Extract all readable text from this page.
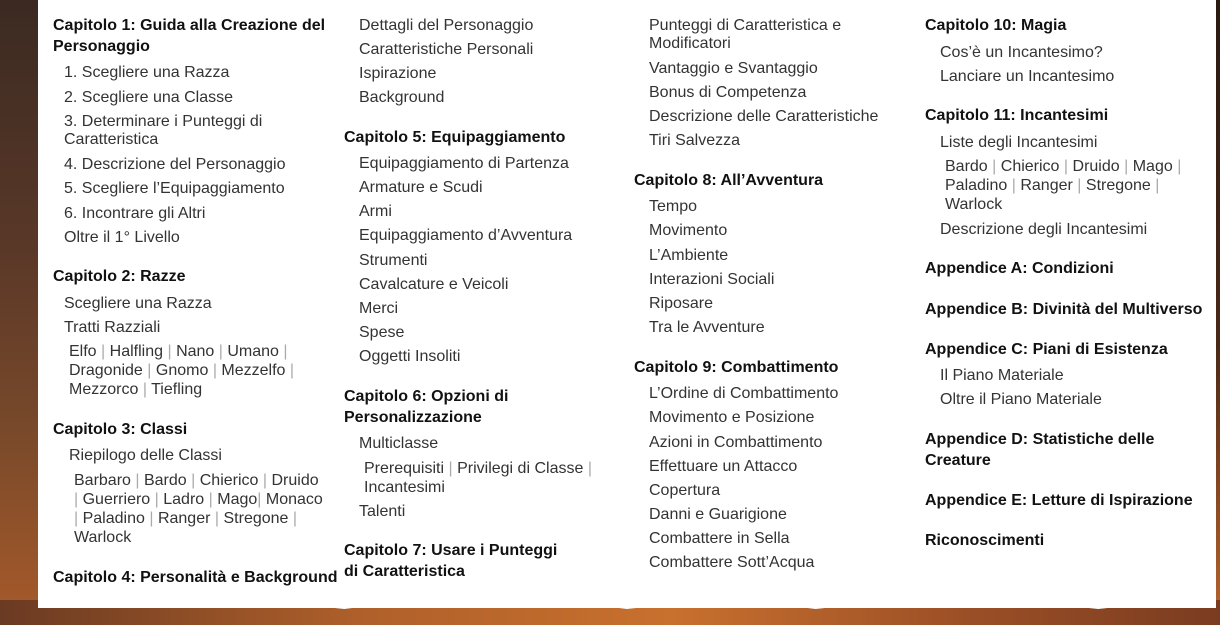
Capitolo 1: Guida alla Creazione del Personaggio
1. Scegliere una Razza
2. Scegliere una Classe
3. Determinare i Punteggi di Caratteristica
4. Descrizione del Personaggio
5. Scegliere l’Equipaggiamento
6. Incontrare gli Altri
Oltre il 1° Livello
Capitolo 2: Razze
Scegliere una Razza
Tratti Razziali
Elfo | Halfling | Nano | Umano | Dragonide | Gnomo | Mezzelfo | Mezzorco | Tiefling
Capitolo 3: Classi
Riepilogo delle Classi
Barbaro | Bardo | Chierico | Druido | Guerriero | Ladro | Mago| Monaco | Paladino | Ranger | Stregone | Warlock
Capitolo 4: Personalità e Background
Dettagli del Personaggio
Caratteristiche Personali
Ispirazione
Background
Capitolo 5: Equipaggiamento
Equipaggiamento di Partenza
Armature e Scudi
Armi
Equipaggiamento d’Avventura
Strumenti
Cavalcature e Veicoli
Merci
Spese
Oggetti Insoliti
Capitolo 6: Opzioni di Personalizzazione
Multiclasse
Prerequisiti | Privilegi di Classe | Incantesimi
Talenti
Capitolo 7: Usare i Punteggi di Caratteristica
Punteggi di Caratteristica e Modificatori
Vantaggio e Svantaggio
Bonus di Competenza
Descrizione delle Caratteristiche
Tiri Salvezza
Capitolo 8: All’Avventura
Tempo
Movimento
L’Ambiente
Interazioni Sociali
Riposare
Tra le Avventure
Capitolo 9: Combattimento
L’Ordine di Combattimento
Movimento e Posizione
Azioni in Combattimento
Effettuare un Attacco
Copertura
Danni e Guarigione
Combattere in Sella
Combattere Sott’Acqua
Capitolo 10: Magia
Cos’è un Incantesimo?
Lanciare un Incantesimo
Capitolo 11: Incantesimi
Liste degli Incantesimi
Bardo | Chierico | Druido | Mago | Paladino | Ranger | Stregone | Warlock
Descrizione degli Incantesimi
Appendice A: Condizioni
Appendice B: Divinità del Multiverso
Appendice C: Piani di Esistenza
Il Piano Materiale
Oltre il Piano Materiale
Appendice D: Statistiche delle Creature
Appendice E: Letture di Ispirazione
Riconoscimenti
